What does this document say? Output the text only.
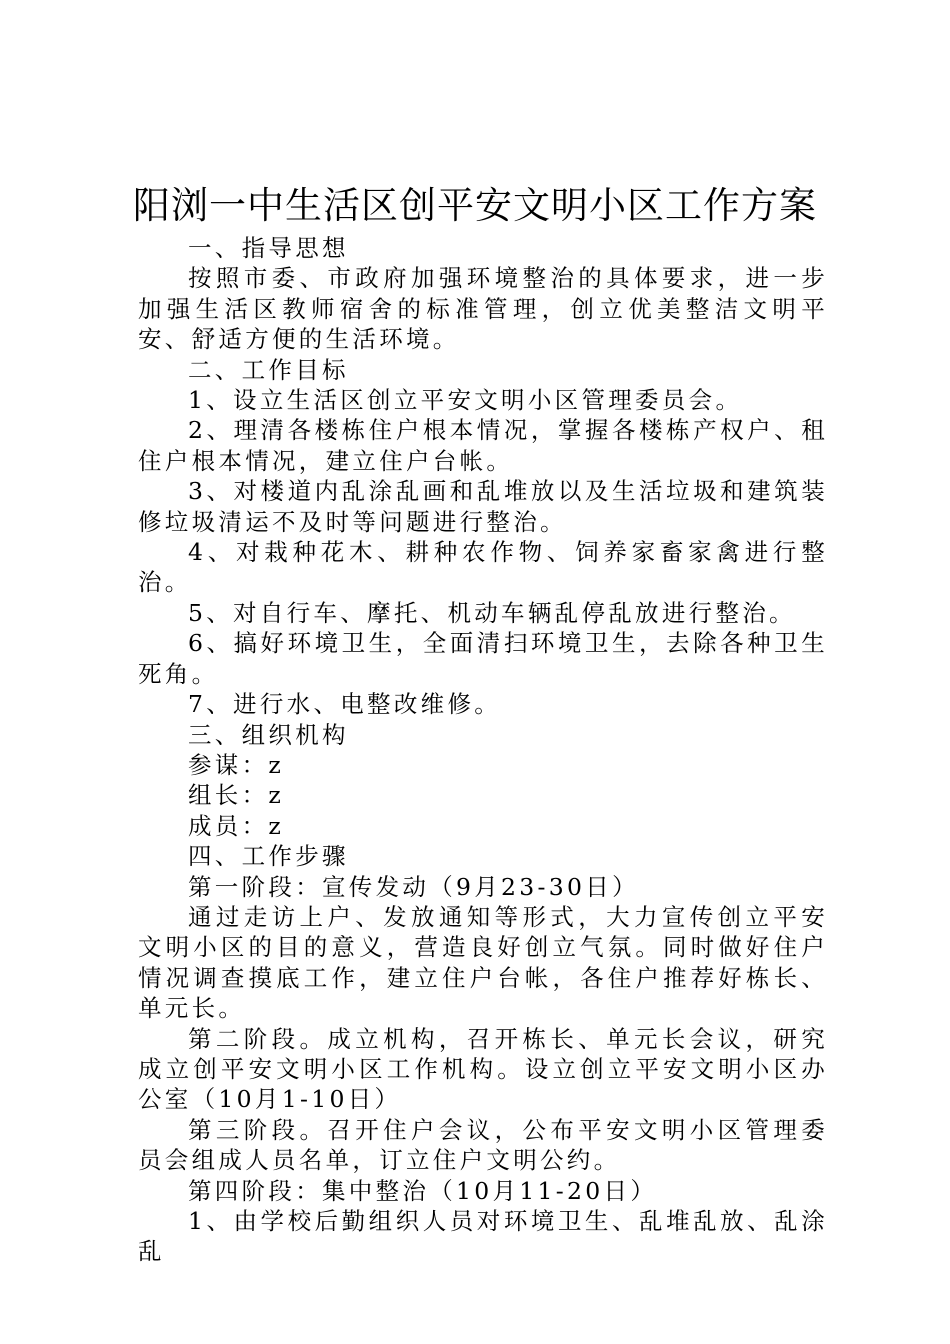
阳浏一中生活区创平安文明小区工作方案

一、指导思想

按照市委、市政府加强环境整治的具体要求，进一步加强生活区教师宿舍的标准管理，创立优美整洁文明平安、舒适方便的生活环境。

二、工作目标

1、设立生活区创立平安文明小区管理委员会。

2、理清各楼栋住户根本情况，掌握各楼栋产权户、租住户根本情况，建立住户台帐。

3、对楼道内乱涂乱画和乱堆放以及生活垃圾和建筑装修垃圾清运不及时等问题进行整治。

4、对栽种花木、耕种农作物、饲养家畜家禽进行整治。

5、对自行车、摩托、机动车辆乱停乱放进行整治。

6、搞好环境卫生，全面清扫环境卫生，去除各种卫生死角。

7、进行水、电整改维修。

三、组织机构

参谋：z

组长：z

成员：z

四、工作步骤

第一阶段：宣传发动（9月23-30日）

通过走访上户、发放通知等形式，大力宣传创立平安文明小区的目的意义，营造良好创立气氛。同时做好住户情况调查摸底工作，建立住户台帐，各住户推荐好栋长、单元长。

第二阶段。成立机构，召开栋长、单元长会议，研究成立创平安文明小区工作机构。设立创立平安文明小区办公室（10月1-10日）

第三阶段。召开住户会议，公布平安文明小区管理委员会组成人员名单，订立住户文明公约。

第四阶段：集中整治（10月11-20日）

1、由学校后勤组织人员对环境卫生、乱堆乱放、乱涂乱
